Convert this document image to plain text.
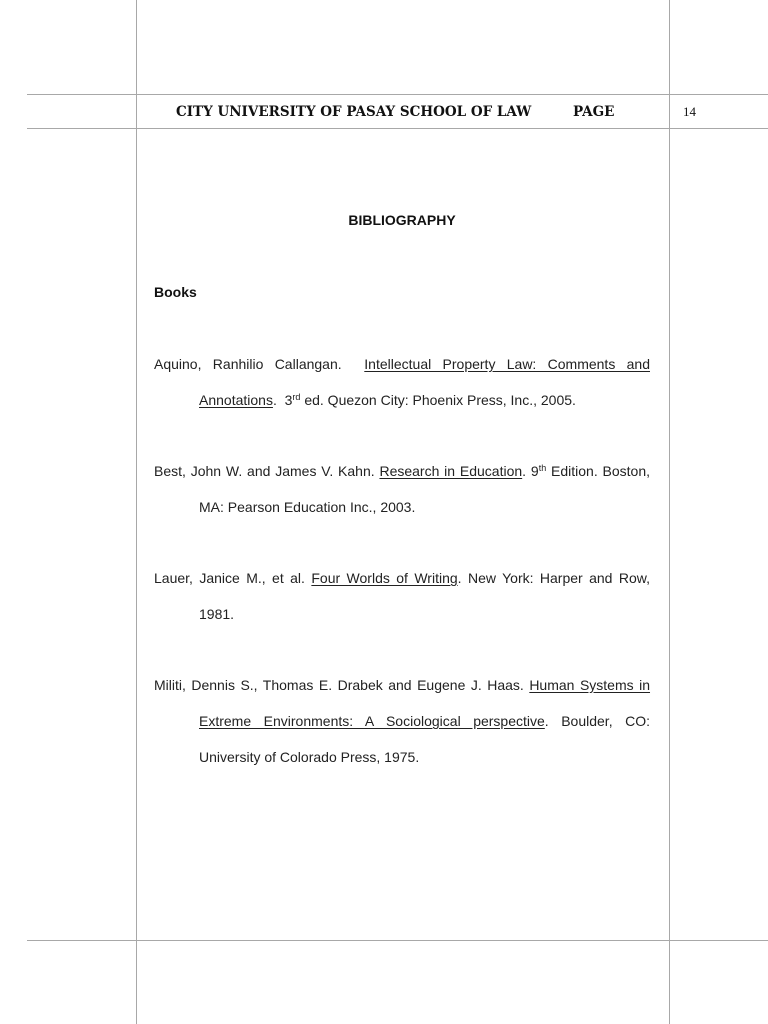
CITY UNIVERSITY OF PASAY SCHOOL OF LAW	PAGE	14
BIBLIOGRAPHY
Books

Aquino, Ranhilio Callangan. Intellectual Property Law: Comments and Annotations.  3rd ed. Quezon City: Phoenix Press, Inc., 2005.

Best, John W. and James V. Kahn. Research in Education. 9th Edition. Boston, MA: Pearson Education Inc., 2003.

Lauer, Janice M., et al. Four Worlds of Writing. New York: Harper and Row, 1981.

Militi, Dennis S., Thomas E. Drabek and Eugene J. Haas. Human Systems in Extreme Environments: A Sociological perspective. Boulder, CO: University of Colorado Press, 1975.
